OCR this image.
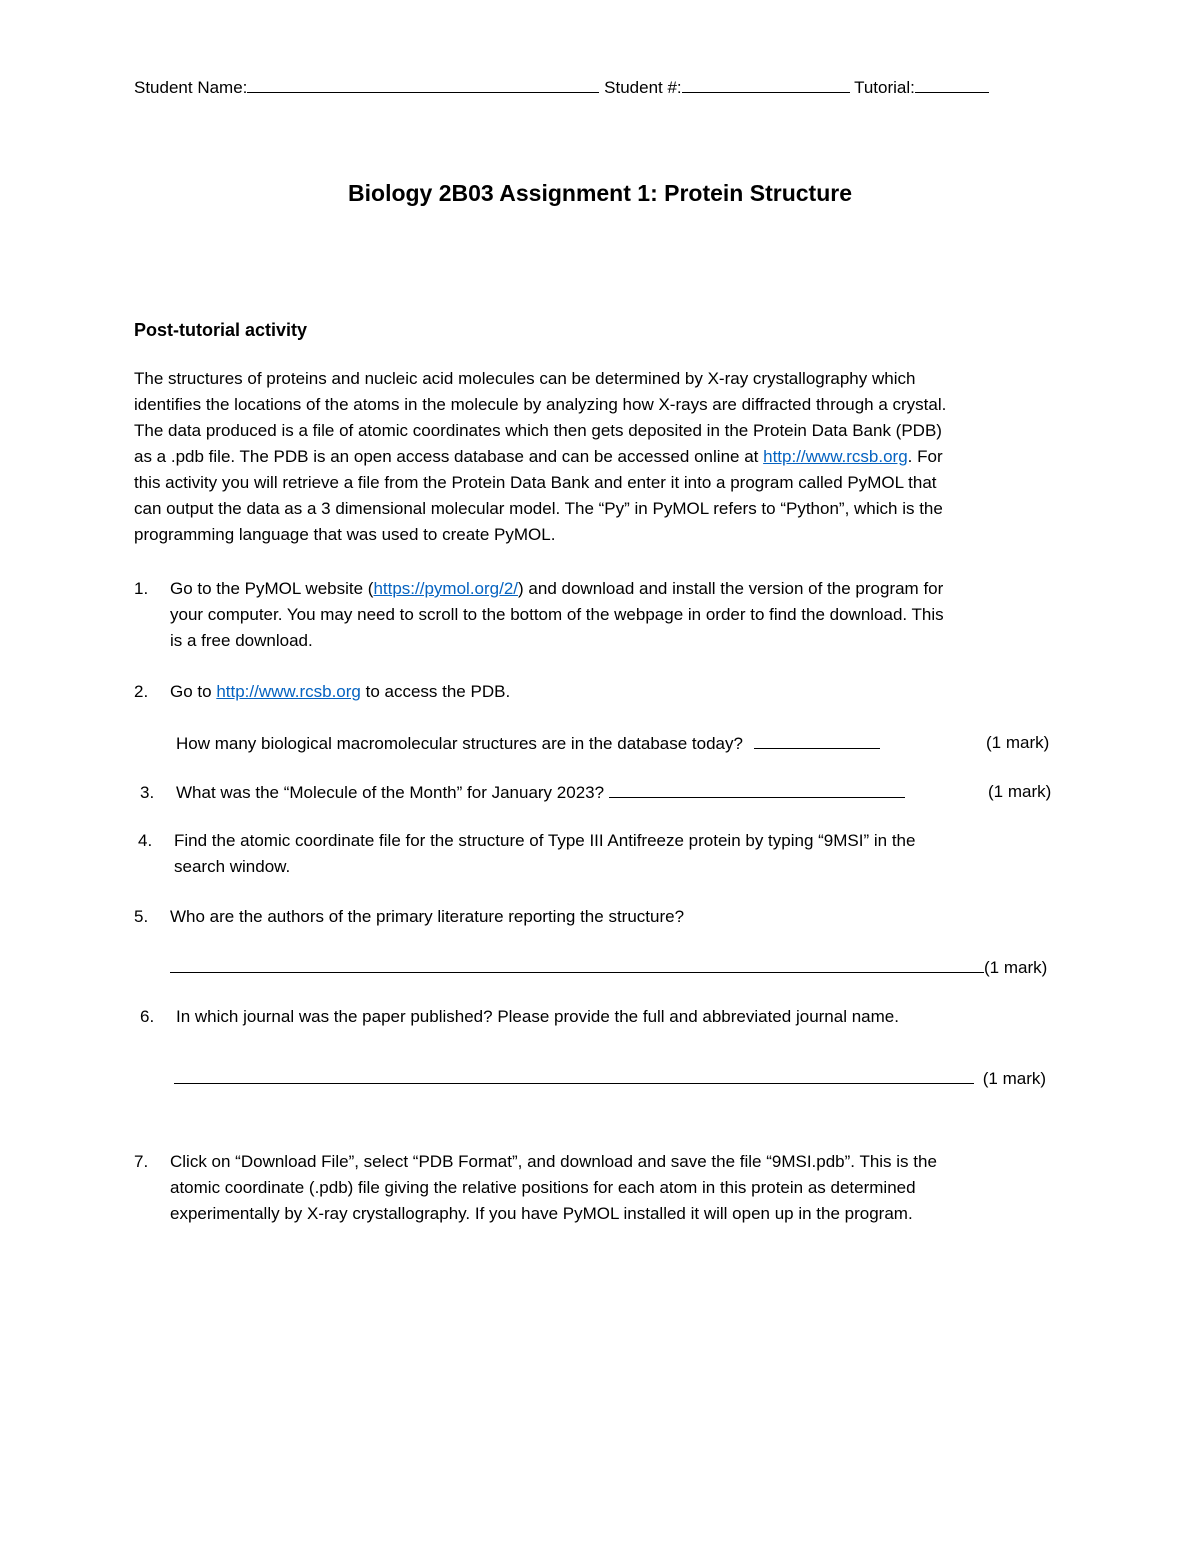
Student Name:	Student #:	Tutorial:
Biology 2B03 Assignment 1: Protein Structure
Post-tutorial activity
The structures of proteins and nucleic acid molecules can be determined by X-ray crystallography which
identifies the locations of the atoms in the molecule by analyzing how X-rays are diffracted through a crystal.
The data produced is a file of atomic coordinates which then gets deposited in the Protein Data Bank (PDB)
as a .pdb file. The PDB is an open access database and can be accessed online at http://www.rcsb.org. For
this activity you will retrieve a file from the Protein Data Bank and enter it into a program called PyMOL that
can output the data as a 3 dimensional molecular model. The “Py” in PyMOL refers to “Python”, which is the
programming language that was used to create PyMOL.
1. Go to the PyMOL website (https://pymol.org/2/) and download and install the version of the program for
your computer. You may need to scroll to the bottom of the webpage in order to find the download. This
is a free download.
2. Go to http://www.rcsb.org to access the PDB.
How many biological macromolecular structures are in the database today?	(1 mark)
3. What was the “Molecule of the Month” for January 2023?	(1 mark)
4. Find the atomic coordinate file for the structure of Type III Antifreeze protein by typing “9MSI” in the
search window.
5. Who are the authors of the primary literature reporting the structure?
(1 mark)
6. In which journal was the paper published? Please provide the full and abbreviated journal name.
(1 mark)
7. Click on “Download File”, select “PDB Format”, and download and save the file “9MSI.pdb”. This is the
atomic coordinate (.pdb) file giving the relative positions for each atom in this protein as determined
experimentally by X-ray crystallography. If you have PyMOL installed it will open up in the program.
